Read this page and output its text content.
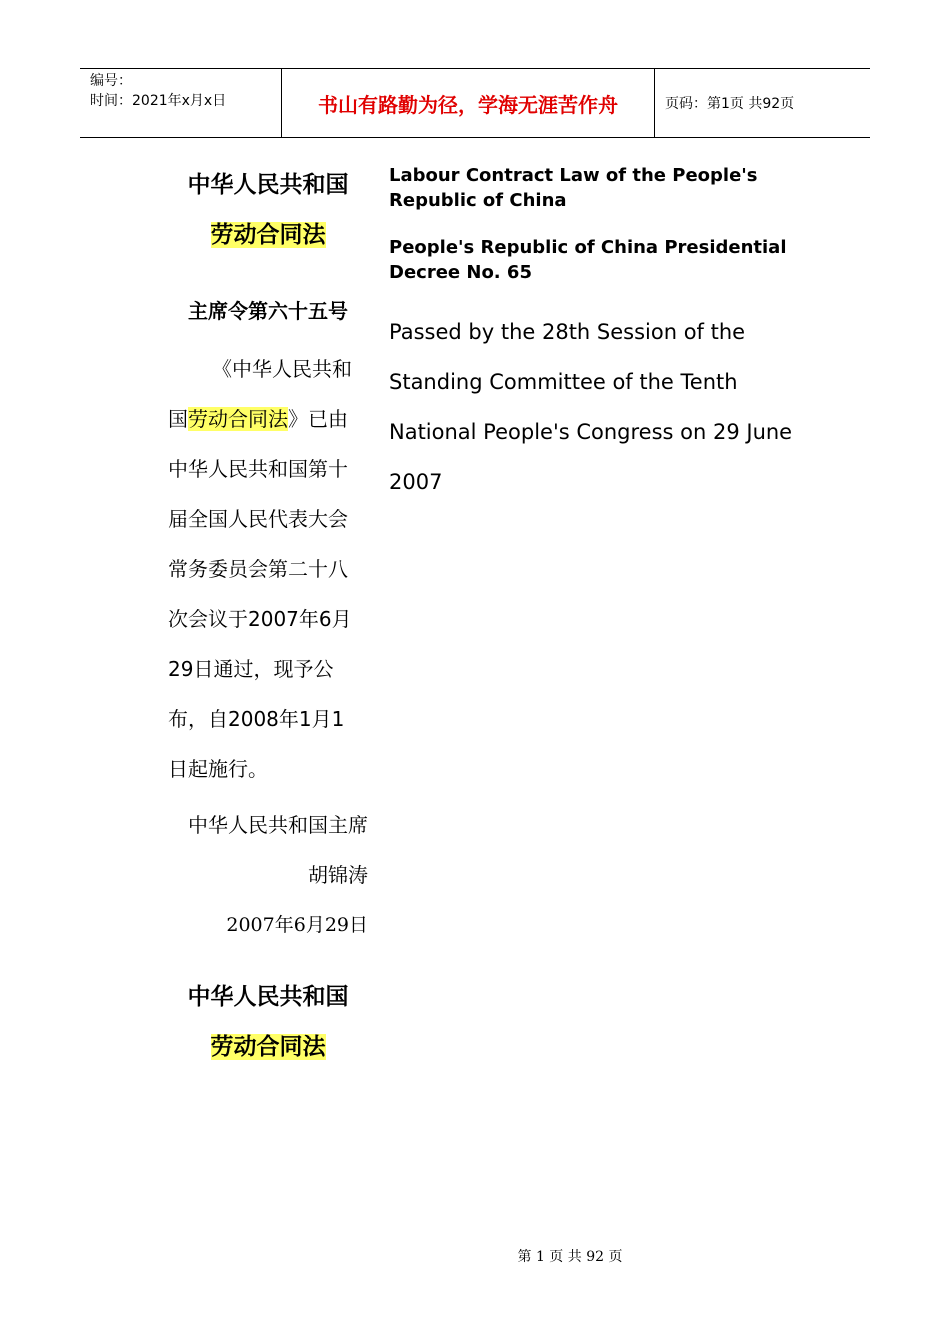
编号：
时间：2021年x月x日	书山有路勤为径，学海无涯苦作舟	页码：第1页 共92页
中华人民共和国
劳动合同法
主席令第六十五号
《中华人民共和国劳动合同法》已由中华人民共和国第十届全国人民代表大会常务委员会第二十八次会议于2007年6月29日通过，现予公布，自2008年1月1日起施行。
中华人民共和国主席　胡锦涛
2007年6月29日
中华人民共和国
劳动合同法
Labour Contract Law of the People's Republic of China
People's Republic of China Presidential Decree No. 65
Passed by the 28th Session of the Standing Committee of the Tenth National People's Congress on 29 June 2007
第 1 页 共 92 页
